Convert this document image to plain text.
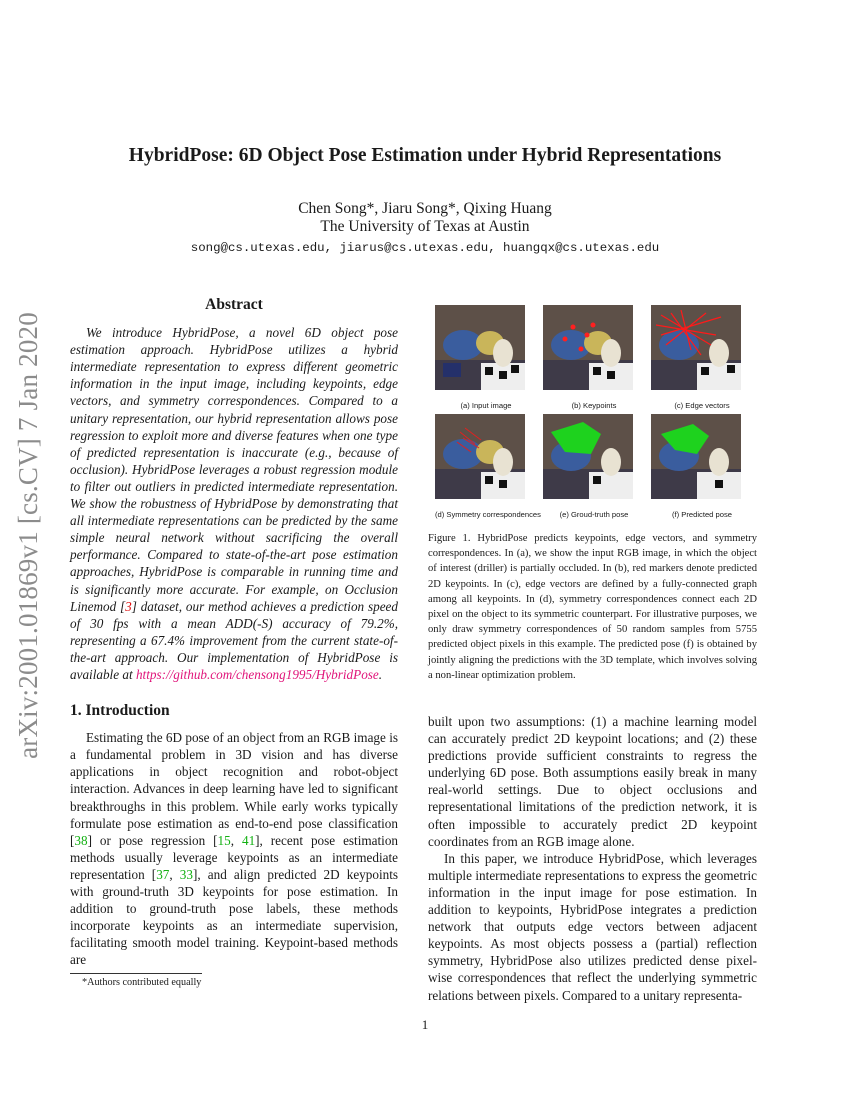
arXiv:2001.01869v1 [cs.CV] 7 Jan 2020
HybridPose: 6D Object Pose Estimation under Hybrid Representations
Chen Song*, Jiaru Song*, Qixing Huang
The University of Texas at Austin
song@cs.utexas.edu, jiarus@cs.utexas.edu, huangqx@cs.utexas.edu

Abstract

We introduce HybridPose, a novel 6D object pose estimation approach. HybridPose utilizes a hybrid intermediate representation to express different geometric information in the input image, including keypoints, edge vectors, and symmetry correspondences. Compared to a unitary representation, our hybrid representation allows pose regression to exploit more and diverse features when one type of predicted representation is inaccurate (e.g., because of occlusion). HybridPose leverages a robust regression module to filter out outliers in predicted intermediate representation. We show the robustness of HybridPose by demonstrating that all intermediate representations can be predicted by the same simple neural network without sacrificing the overall performance. Compared to state-of-the-art pose estimation approaches, HybridPose is comparable in running time and is significantly more accurate. For example, on Occlusion Linemod [3] dataset, our method achieves a prediction speed of 30 fps with a mean ADD(-S) accuracy of 79.2%, representing a 67.4% improvement from the current state-of-the-art approach. Our implementation of HybridPose is available at https://github.com/chensong1995/HybridPose.

1. Introduction

Estimating the 6D pose of an object from an RGB image is a fundamental problem in 3D vision and has diverse applications in object recognition and robot-object interaction. Advances in deep learning have led to significant breakthroughs in this problem. While early works typically formulate pose estimation as end-to-end pose classification [38] or pose regression [15, 41], recent pose estimation methods usually leverage keypoints as an intermediate representation [37, 33], and align predicted 2D keypoints with ground-truth 3D keypoints for pose estimation. In addition to ground-truth pose labels, these methods incorporate keypoints as an intermediate supervision, facilitating smooth model training. Keypoint-based methods are

*Authors contributed equally
(a) Input image	(b) Keypoints	(c) Edge vectors
(d) Symmetry correspondences	(e) Groud-truth pose	(f) Predicted pose
Figure 1. HybridPose predicts keypoints, edge vectors, and symmetry correspondences. In (a), we show the input RGB image, in which the object of interest (driller) is partially occluded. In (b), red markers denote predicted 2D keypoints. In (c), edge vectors are defined by a fully-connected graph among all keypoints. In (d), symmetry correspondences connect each 2D pixel on the object to its symmetric counterpart. For illustrative purposes, we only draw symmetry correspondences of 50 random samples from 5755 predicted object pixels in this example. The predicted pose (f) is obtained by jointly aligning the predictions with the 3D template, which involves solving a non-linear optimization problem.

built upon two assumptions: (1) a machine learning model can accurately predict 2D keypoint locations; and (2) these predictions provide sufficient constraints to regress the underlying 6D pose. Both assumptions easily break in many real-world settings. Due to object occlusions and representational limitations of the prediction network, it is often impossible to accurately predict 2D keypoint coordinates from an RGB image alone.

In this paper, we introduce HybridPose, which leverages multiple intermediate representations to express the geometric information in the input image for pose estimation. In addition to keypoints, HybridPose integrates a prediction network that outputs edge vectors between adjacent keypoints. As most objects possess a (partial) reflection symmetry, HybridPose also utilizes predicted dense pixel-wise correspondences that reflect the underlying symmetric relations between pixels. Compared to a unitary representa-

1
